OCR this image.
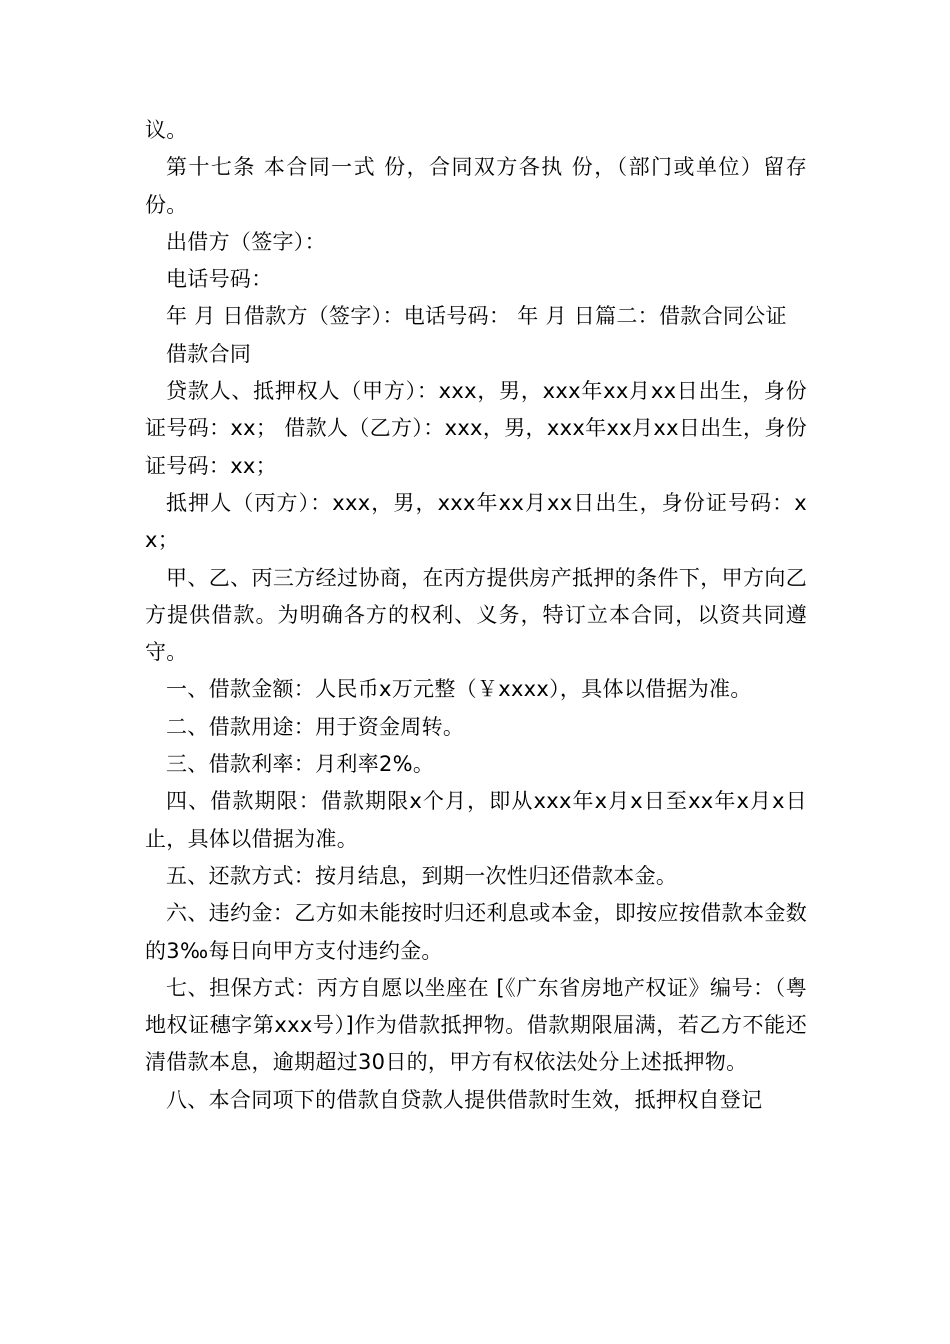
议。

第十七条 本合同一式 份，合同双方各执 份，（部门或单位）留存 份。

出借方（签字）：

电话号码：

年 月 日借款方（签字）：电话号码： 年 月 日篇二：借款合同公证

借款合同

贷款人、抵押权人（甲方）：xxx，男，xxx年xx月xx日出生，身份证号码：xx； 借款人（乙方）：xxx，男，xxx年xx月xx日出生，身份证号码：xx；

抵押人（丙方）：xxx，男，xxx年xx月xx日出生，身份证号码：xx；

甲、乙、丙三方经过协商，在丙方提供房产抵押的条件下，甲方向乙方提供借款。为明确各方的权利、义务，特订立本合同，以资共同遵守。

一、借款金额：人民币x万元整（￥xxxx），具体以借据为准。

二、借款用途：用于资金周转。

三、借款利率：月利率2%。

四、借款期限：借款期限x个月，即从xxx年x月x日至xx年x月x日止，具体以借据为准。

五、还款方式：按月结息，到期一次性归还借款本金。

六、违约金：乙方如未能按时归还利息或本金，即按应按借款本金数的3‰每日向甲方支付违约金。

七、担保方式：丙方自愿以坐座在 [《广东省房地产权证》编号：（粤地权证穗字第xxx号）]作为借款抵押物。借款期限届满，若乙方不能还清借款本息，逾期超过30日的，甲方有权依法处分上述抵押物。

八、本合同项下的借款自贷款人提供借款时生效，抵押权自登记
